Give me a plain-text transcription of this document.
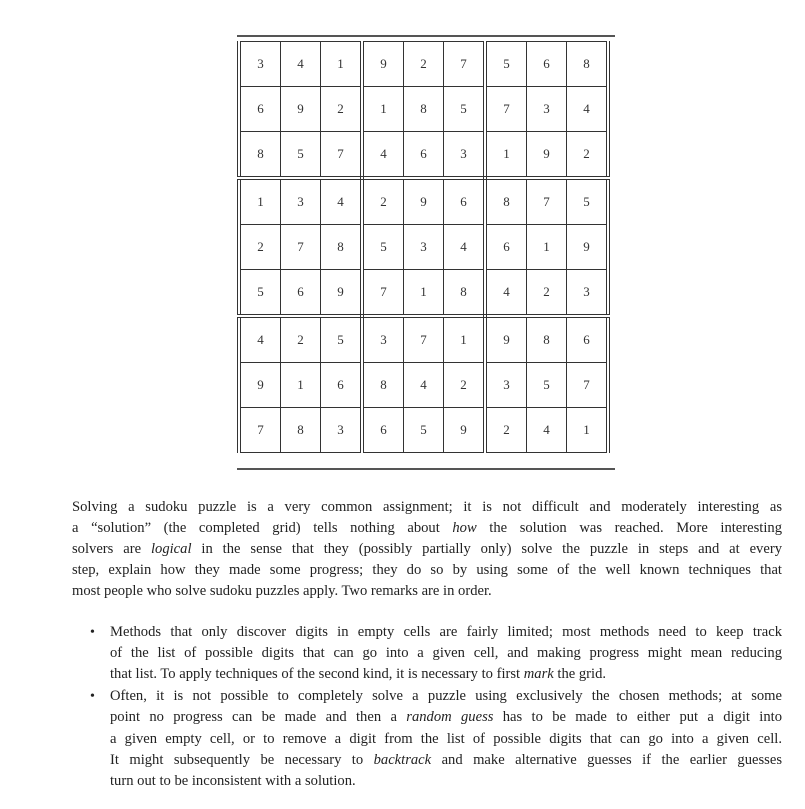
3	4	1	9	2	7	5	6	8
6	9	2	1	8	5	7	3	4
8	5	7	4	6	3	1	9	2
1	3	4	2	9	6	8	7	5
2	7	8	5	3	4	6	1	9
5	6	9	7	1	8	4	2	3
4	2	5	3	7	1	9	8	6
9	1	6	8	4	2	3	5	7
7	8	3	6	5	9	2	4	1
Solving a sudoku puzzle is a very common assignment; it is not difficult and moderately interesting as
a “solution” (the completed grid) tells nothing about how the solution was reached. More interesting
solvers are logical in the sense that they (possibly partially only) solve the puzzle in steps and at every
step, explain how they made some progress; they do so by using some of the well known techniques that
most people who solve sudoku puzzles apply. Two remarks are in order.
• Methods that only discover digits in empty cells are fairly limited; most methods need to keep track
of the list of possible digits that can go into a given cell, and making progress might mean reducing
that list. To apply techniques of the second kind, it is necessary to first mark the grid.
• Often, it is not possible to completely solve a puzzle using exclusively the chosen methods; at some
point no progress can be made and then a random guess has to be made to either put a digit into
a given empty cell, or to remove a digit from the list of possible digits that can go into a given cell.
It might subsequently be necessary to backtrack and make alternative guesses if the earlier guesses
turn out to be inconsistent with a solution.
